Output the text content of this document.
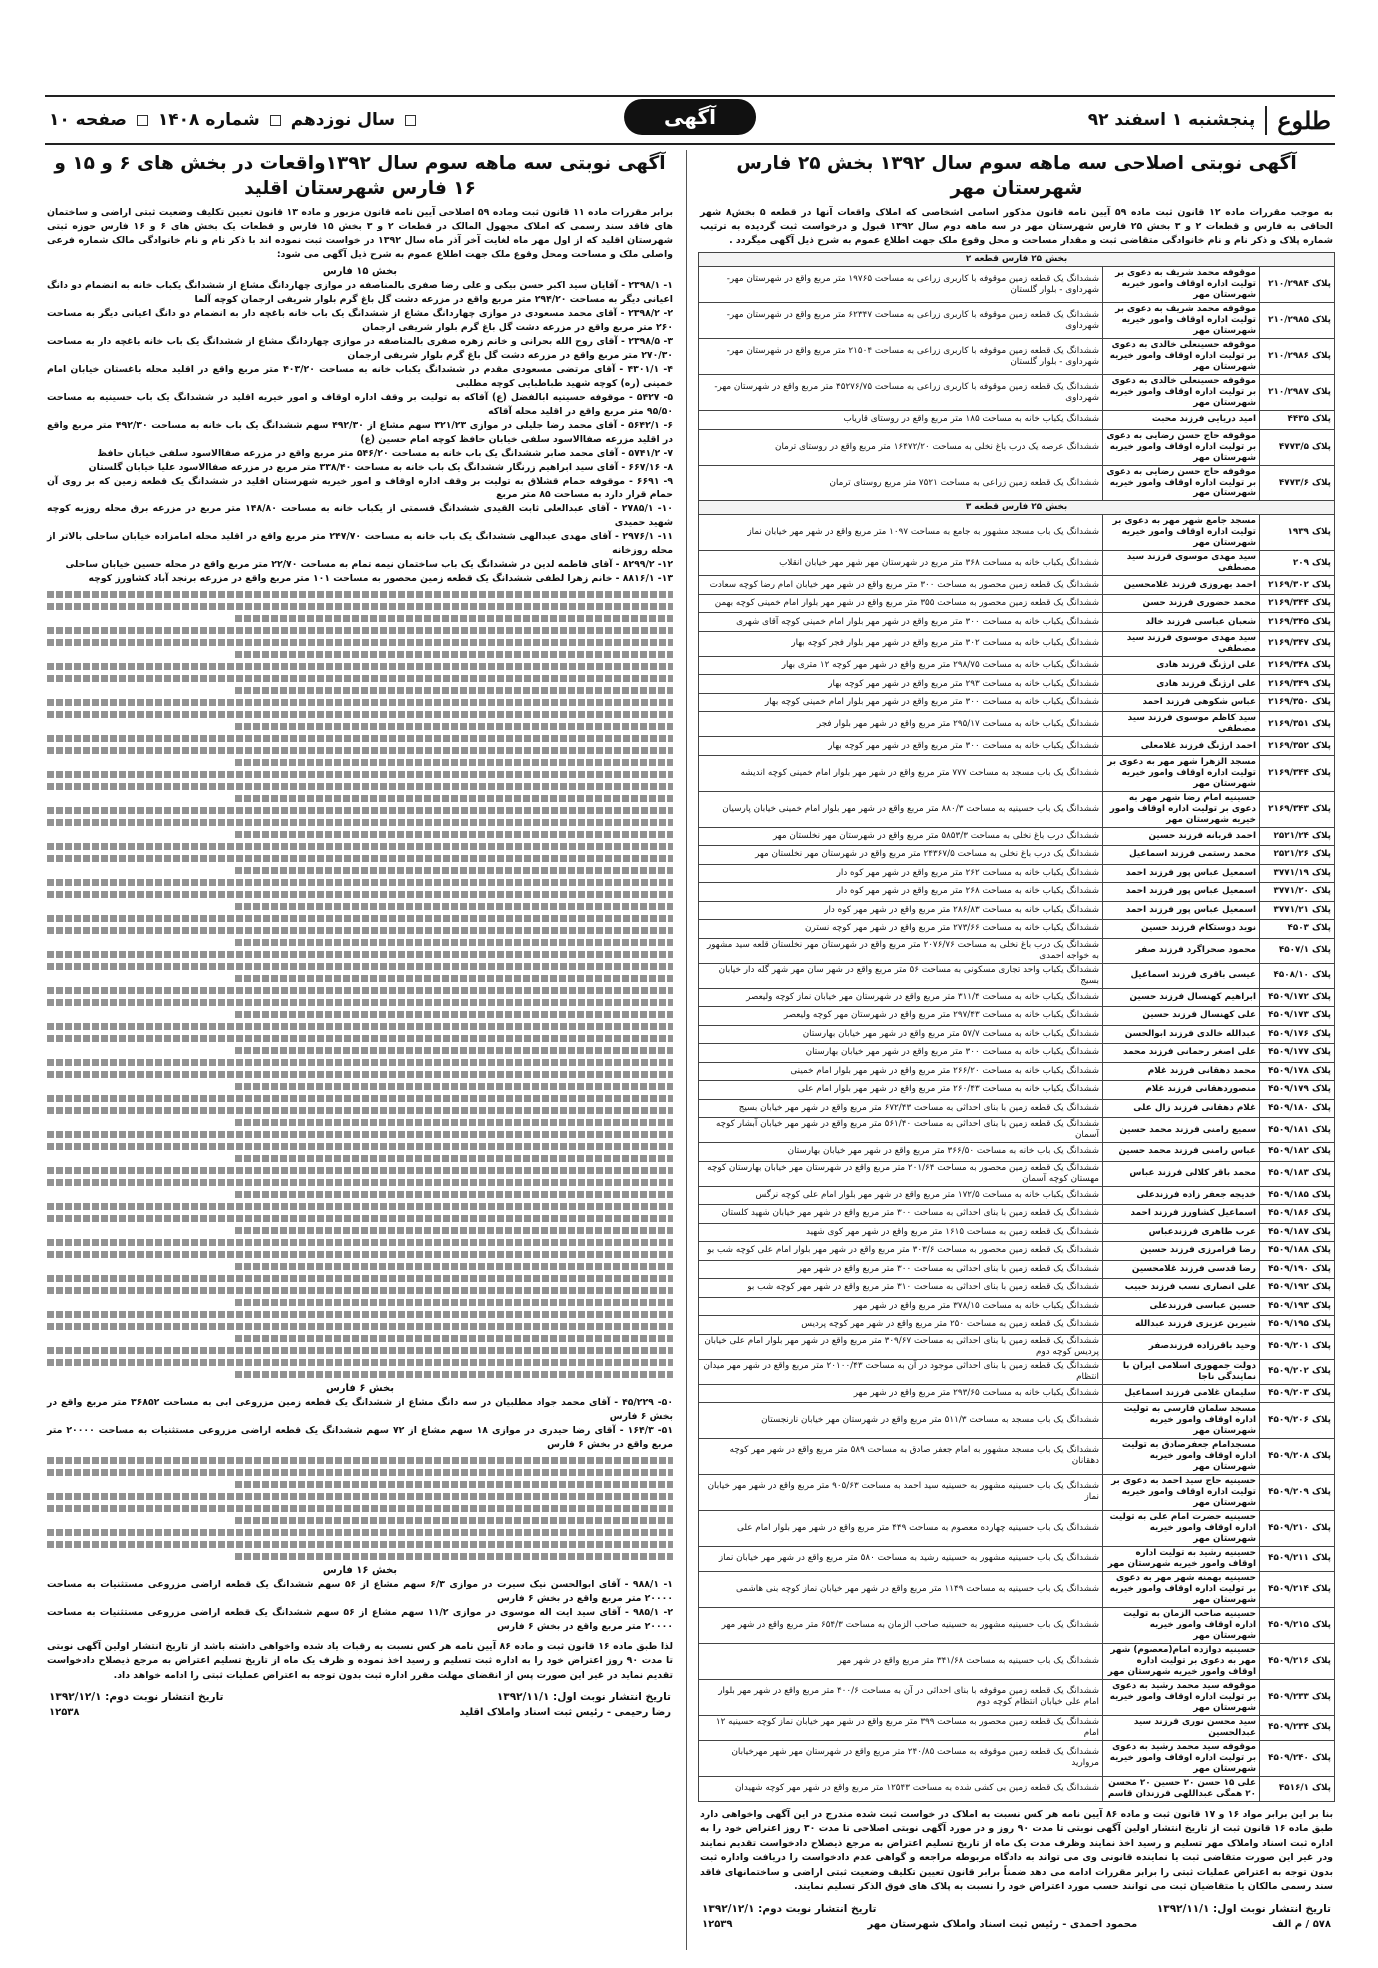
طلوع
پنجشنبه ۱ اسفند ۹۲
آگهی
سال نوزدهم
شماره ۱۴۰۸
صفحه ۱۰
آگهی نوبتی اصلاحی سه ماهه سوم سال ۱۳۹۲ بخش ۲۵ فارس شهرستان مهر
به موجب مقررات ماده ۱۲ قانون ثبت ماده ۵۹ آیین نامه قانون مذکور اسامی اشخاصی که املاک واقعات آنها در قطعه ۵ بخش۸ شهر الحاقی به فارس و قطعات ۲ و ۳ بخش ۲۵ فارس شهرستان مهر در سه ماهه دوم سال ۱۳۹۲ قبول و درخواست ثبت گردیده به ترتیب شماره پلاک و ذکر نام و نام خانوادگی متقاضی ثبت و مقدار مساحت و محل وقوع ملک جهت اطلاع عموم به شرح ذیل آگهی میگردد .
بخش ۲۵ فارس قطعه ۲		
پلاک ۲۱۰/۲۹۸۴	موقوفه محمد شریف به دعوی بر تولیت اداره اوقاف وامور خیریه شهرستان مهر	ششدانگ یک قطعه زمین موقوفه با کاربری زراعی به مساحت ۱۹۷۶۵ متر مربع واقع در شهرستان مهر- شهرداوی - بلوار گلستان
پلاک ۲۱۰/۲۹۸۵	موقوفه محمد شریف به دعوی بر تولیت اداره اوقاف وامور خیریه شهرستان مهر	ششدانگ یک قطعه زمین موقوفه با کاربری زراعی به مساحت ۶۲۳۴۷ متر مربع واقع در شهرستان مهر- شهرداوی
پلاک ۲۱۰/۲۹۸۶	موقوفه حسینعلی خالدی به دعوی بر تولیت اداره اوقاف وامور خیریه شهرستان مهر	ششدانگ یک قطعه زمین موقوفه با کاربری زراعی به مساحت ۲۱۵۰۴ متر مربع واقع در شهرستان مهر- شهرداوی - بلوار گلستان
پلاک ۲۱۰/۲۹۸۷	موقوفه حسینعلی خالدی به دعوی بر تولیت اداره اوقاف وامور خیریه شهرستان مهر	ششدانگ یک قطعه زمین موقوفه با کاربری زراعی به مساحت ۴۵۲۷۶/۷۵ متر مربع واقع در شهرستان مهر- شهرداوی
پلاک ۴۴۳۵	امید دریایی فرزند محبت	ششدانگ یکباب خانه به مساحت ۱۸۵ متر مربع واقع در روستای قاریاب
پلاک ۴۷۷۳/۵	موقوفه حاج حسن رضایی به دعوی بر تولیت اداره اوقاف وامور خیریه شهرستان مهر	ششدانگ عرصه یک درب باغ نخلی به مساحت ۱۶۴۷۲/۲۰ متر مربع واقع در روستای ترمان
پلاک ۴۷۷۳/۶	موقوفه حاج حسن رضایی به دعوی بر تولیت اداره اوقاف وامور خیریه شهرستان مهر	ششدانگ یک قطعه زمین زراعی به مساحت ۷۵۲۱ متر مربع روستای ترمان
بخش ۲۵ فارس قطعه ۳		
پلاک ۱۹۳۹	مسجد جامع شهر مهر به دعوی بر تولیت اداره اوقاف وامور خیریه شهرستان مهر	ششدانگ یک باب مسجد مشهور به جامع به مساحت ۱۰۹۷ متر مربع واقع در شهر مهر خیابان نماز
پلاک ۲۰۹	سید مهدی موسوی فرزند سید مصطفی	ششدانگ یکباب خانه به مساحت ۳۶۸ متر مربع در شهرستان مهر شهر مهر خیابان انقلاب
پلاک ۲۱۶۹/۳۰۲	احمد بهروزی فرزند غلامحسین	ششدانگ یک قطعه زمین محصور به مساحت ۳۰۰ متر مربع واقع در شهر مهر خیابان امام رضا کوچه سعادت
پلاک ۲۱۶۹/۳۴۴	محمد حضوری فرزند حسن	ششدانگ یک قطعه زمین محصور به مساحت ۳۵۵ متر مربع واقع در شهر مهر بلوار امام خمینی کوچه بهمن
پلاک ۲۱۶۹/۳۴۵	شعبان عباسی فرزند خالد	ششدانگ یکباب خانه به مساحت ۳۰۰ متر مربع واقع در شهر مهر بلوار امام خمینی کوچه آقای شهری
پلاک ۲۱۶۹/۳۴۷	سید مهدی موسوی فرزند سید مصطفی	ششدانگ یکباب خانه به مساحت ۳۰۲ متر مربع واقع در شهر مهر بلوار فجر کوچه بهار
پلاک ۲۱۶۹/۳۴۸	علی ارژنگ فرزند هادی	ششدانگ یکباب خانه به مساحت ۲۹۸/۷۵ متر مربع واقع در شهر مهر کوچه ۱۲ متری بهار
پلاک ۲۱۶۹/۳۴۹	علی ارژنگ فرزند هادی	ششدانگ یکباب خانه به مساحت ۲۹۳ متر مربع واقع در شهر مهر کوچه بهار
پلاک ۲۱۶۹/۳۵۰	عباس شکوهی فرزند احمد	ششدانگ یکباب خانه به مساحت ۳۰۰ متر مربع واقع در شهر مهر بلوار امام خمینی کوچه بهار
پلاک ۲۱۶۹/۳۵۱	سید کاظم موسوی فرزند سید مصطفی	ششدانگ یکباب خانه به مساحت ۲۹۵/۱۷ متر مربع واقع در شهر مهر بلوار فجر
پلاک ۲۱۶۹/۳۵۲	احمد ارژنگ فرزند غلامعلی	ششدانگ یکباب خانه به مساحت ۳۰۰ متر مربع واقع در شهر مهر کوچه بهار
پلاک ۲۱۶۹/۳۴۴	مسجد الزهرا شهر مهر به دعوی بر تولیت اداره اوقاف وامور خیریه شهرستان مهر	ششدانگ یک باب مسجد به مساحت ۷۷۷ متر مربع واقع در شهر مهر بلوار امام خمینی کوچه اندیشه
پلاک ۲۱۶۹/۳۴۳	حسینیه امام رضا شهر مهر به دعوی بر تولیت اداره اوقاف وامور خیریه شهرستان مهر	ششدانگ یک باب حسینیه به مساحت ۸۸۰/۳ متر مربع واقع در شهر مهر بلوار امام خمینی خیابان پارسیان
پلاک ۲۵۲۱/۲۴	احمد قربانه فرزند حسین	ششدانگ درب باغ نخلی به مساحت ۵۸۵۳/۳ متر مربع واقع در شهرستان مهر نخلستان مهر
پلاک ۲۵۲۱/۲۶	محمد رستمی فرزند اسماعیل	ششدانگ یک درب باغ نخلی به مساحت ۲۴۳۶۷/۵ متر مربع واقع در شهرستان مهر نخلستان مهر
پلاک ۳۷۷۱/۱۹	اسمعیل عباس پور فرزند احمد	ششدانگ یکباب خانه به مساحت ۲۶۲ متر مربع واقع در شهر مهر کوه دار
پلاک ۳۷۷۱/۲۰	اسمعیل عباس پور فرزند احمد	ششدانگ یکباب خانه به مساحت ۲۶۸ متر مربع واقع در شهر مهر کوه دار
پلاک ۳۷۷۱/۲۱	اسمعیل عباس پور فرزند احمد	ششدانگ یکباب خانه به مساحت ۲۸۶/۸۳ متر مربع واقع در شهر مهر کوه دار
پلاک ۴۵۰۳	نوید دوستکام فرزند حسین	ششدانگ یکباب خانه به مساحت ۲۷۳/۶۶ متر مربع واقع در شهر مهر کوچه نسترن
پلاک ۴۵۰۷/۱	محمود صحراگرد فرزند صفر	ششدانگ یک درب باغ نخلی به مساحت ۲۰۷۶/۷۶ متر مربع واقع در شهرستان مهر نخلستان قلعه سید مشهور به خواجه احمدی
پلاک ۴۵۰۸/۱۰	عیسی باقری فرزند اسماعیل	ششدانگ یکباب واحد تجاری مسکونی به مساحت ۵۶ متر مربع واقع در شهر سان مهر شهر گله دار خیابان بسیج
پلاک ۴۵۰۹/۱۷۲	ابراهیم کهنسال فرزند حسین	ششدانگ یکباب خانه به مساحت ۳۱۱/۴ متر مربع واقع در شهرستان مهر خیابان نماز کوچه ولیعصر
پلاک ۴۵۰۹/۱۷۳	علی کهنسال فرزند حسین	ششدانگ یکباب خانه به مساحت ۲۹۷/۴۳ متر مربع واقع در شهرستان مهر کوچه ولیعصر
پلاک ۴۵۰۹/۱۷۶	عبدالله خالدی فرزند ابوالحسن	ششدانگ یکباب خانه به مساحت ۵۷/۷ متر مربع واقع در شهر مهر خیابان بهارستان
پلاک ۴۵۰۹/۱۷۷	علی اصغر رحمانی فرزند محمد	ششدانگ یکباب خانه به مساحت ۳۰۰ متر مربع واقع در شهر مهر خیابان بهارستان
پلاک ۴۵۰۹/۱۷۸	محمد دهقانی فرزند غلام	ششدانگ یکباب خانه به مساحت ۲۶۶/۲۰ متر مربع واقع در شهر مهر بلوار امام خمینی
پلاک ۴۵۰۹/۱۷۹	منصوردهقانی فرزند غلام	ششدانگ یکباب خانه به مساحت ۲۶۰/۴۳ متر مربع واقع در شهر مهر بلوار امام علی
پلاک ۴۵۰۹/۱۸۰	غلام دهقانی فرزند زال علی	ششدانگ یک قطعه زمین با بنای احداثی به مساحت ۶۷۲/۴۳ متر مربع واقع در شهر مهر خیابان بسیج
پلاک ۴۵۰۹/۱۸۱	سمیع رامنی فرزند محمد حسین	ششدانگ یک قطعه زمین با بنای احداثی به مساحت ۵۶۱/۴۰ متر مربع واقع در شهر مهر خیابان آبشار کوچه آسمان
پلاک ۴۵۰۹/۱۸۲	عباس رامنی فرزند محمد حسین	ششدانگ یک باب خانه به مساحت ۳۶۶/۵۰ متر مربع واقع در شهر مهر خیابان بهارستان
پلاک ۴۵۰۹/۱۸۳	محمد باقر کلالی فرزند عباس	ششدانگ یک قطعه زمین محصور به مساحت ۲۰۱/۶۴ متر مربع واقع در شهرستان مهر خیابان بهارستان کوچه مهستان کوچه آسمان
پلاک ۴۵۰۹/۱۸۵	خدیجه جعفر زاده فرزندعلی	ششدانگ یکباب خانه به مساحت ۱۷۲/۵ متر مربع واقع در شهر مهر بلوار امام علی کوچه نرگس
پلاک ۴۵۰۹/۱۸۶	اسماعیل کشاورز فرزند احمد	ششدانگ یک قطعه زمین با بنای احداثی به مساحت ۳۰۰ متر مربع واقع در شهر مهر خیابان شهید کلستان
پلاک ۴۵۰۹/۱۸۷	عرب طاهری فرزندعباس	ششدانگ یک قطعه زمین به مساحت ۱۶۱۵ متر مربع واقع در شهر مهر کوی شهید
پلاک ۴۵۰۹/۱۸۸	رضا فرامرزی فرزند حسین	ششدانگ یک قطعه زمین محصور به مساحت ۳۰۳/۶ متر مربع واقع در شهر مهر بلوار امام علی کوچه شب بو
پلاک ۴۵۰۹/۱۹۰	رضا قدسی فرزند غلامحسین	ششدانگ یک قطعه زمین با بنای احداثی به مساحت ۳۰۰ متر مربع واقع در شهر مهر
پلاک ۴۵۰۹/۱۹۲	علی انصاری نسب فرزند حبیب	ششدانگ یک قطعه زمین با بنای احداثی به مساحت ۳۱۰ متر مربع واقع در شهر مهر کوچه شب بو
پلاک ۴۵۰۹/۱۹۳	حسین عباسی فرزندعلی	ششدانگ یکباب خانه به مساحت ۳۷۸/۱۵ متر مربع واقع در شهر مهر
پلاک ۴۵۰۹/۱۹۵	شیرین عزیزی فرزند عبدالله	ششدانگ یک قطعه زمین به مساحت ۲۵۰ متر مربع واقع در شهر مهر کوچه پردیس
پلاک ۴۵۰۹/۲۰۱	وحید باقرزاده فرزندصفر	ششدانگ یک قطعه زمین با بنای احداثی به مساحت ۳۰۹/۶۷ متر مربع واقع در شهر مهر بلوار امام علی خیابان پردیس کوچه دوم
پلاک ۴۵۰۹/۲۰۲	دولت جمهوری اسلامی ایران با نمایندگی ناجا	ششدانگ یک قطعه زمین با بنای احداثی موجود در آن به مساحت ۲۰۱۰۰/۴۳ متر مربع واقع در شهر مهر میدان انتظام
پلاک ۴۵۰۹/۲۰۳	سلیمان غلامی فرزند اسماعیل	ششدانگ یکباب خانه به مساحت ۲۹۳/۶۵ متر مربع واقع در شهر مهر
پلاک ۴۵۰۹/۲۰۶	مسجد سلمان فارسی به تولیت اداره اوقاف وامور خیریه شهرستان مهر	ششدانگ یک باب مسجد به مساحت ۵۱۱/۳ متر مربع واقع در شهرستان مهر خیابان نارنجستان
پلاک ۴۵۰۹/۲۰۸	مسجدامام جعفرصادق به تولیت اداره اوقاف وامور خیریه شهرستان مهر	ششدانگ یک باب مسجد مشهور به امام جعفر صادق به مساحت ۵۸۹ متر مربع واقع در شهر مهر کوچه دهقانان
پلاک ۴۵۰۹/۲۰۹	حسینیه حاج سید احمد به دعوی بر تولیت اداره اوقاف وامور خیریه شهرستان مهر	ششدانگ یک باب حسینیه مشهور به حسینیه سید احمد به مساحت ۹۰۵/۶۳ متر مربع واقع در شهر مهر خیابان نماز
پلاک ۴۵۰۹/۲۱۰	حسینیه حضرت امام علی به تولیت اداره اوقاف وامور خیریه شهرستان مهر	ششدانگ یک باب حسینیه چهارده معصوم به مساحت ۴۴۹ متر مربع واقع در شهر مهر بلوار امام علی
پلاک ۴۵۰۹/۲۱۱	حسینیه رشید به تولیت اداره اوقاف وامور خیریه شهرستان مهر	ششدانگ یک باب حسینیه مشهور به حسینیه رشید به مساحت ۵۸۰ متر مربع واقع در شهر مهر خیابان نماز
پلاک ۴۵۰۹/۲۱۴	حسینیه بهمنه شهر مهر به دعوی بر تولیت اداره اوقاف وامور خیریه شهرستان مهر	ششدانگ یک باب حسینیه به مساحت ۱۱۴۹ متر مربع واقع در شهر مهر خیابان نماز کوچه بنی هاشمی
پلاک ۴۵۰۹/۲۱۵	حسینیه صاحب الزمان به تولیت اداره اوقاف وامور خیریه شهرستان مهر	ششدانگ یک باب حسینیه مشهور به حسینیه صاحب الزمان به مساحت ۶۵۴/۳ متر مربع واقع در شهر مهر
پلاک ۴۵۰۹/۲۱۶	حسینیه دوازده امام(معصوم) شهر مهر به دعوی بر تولیت اداره اوقاف وامور خیریه شهرستان مهر	ششدانگ یک باب حسینیه به مساحت ۳۴۱/۶۸ متر مربع واقع در شهر مهر
پلاک ۴۵۰۹/۲۳۳	موقوفه سید محمد رشید به دعوی بر تولیت اداره اوقاف وامور خیریه شهرستان مهر	ششدانگ یک قطعه زمین موقوفه با بنای احداثی در آن به مساحت ۴۰۰/۶ متر مربع واقع در شهر مهر بلوار امام علی خیابان انتظام کوچه دوم
پلاک ۴۵۰۹/۲۳۴	سید محسن نوری فرزند سید عبدالحسین	ششدانگ یک قطعه زمین محصور به مساحت ۳۹۹ متر مربع واقع در شهر مهر خیابان نماز کوچه حسینیه ۱۲ امام
پلاک ۴۵۰۹/۲۴۰	موقوفه سید محمد رشید به دعوی بر تولیت اداره اوقاف وامور خیریه شهرستان مهر	ششدانگ یک قطعه زمین موقوفه به مساحت ۲۴۰/۸۵ متر مربع واقع در شهرستان مهر شهر مهرخیابان مروارید
پلاک ۴۵۱۶/۱	علی ۱۵ حسن ۲۰ حسین ۲۰ محسن ۲۰ همگی عبداللهی فرزندان قاسم	ششدانگ یک قطعه زمین بی کشی شده به مساحت ۱۲۵۴۳ متر مربع واقع در شهر مهر کوچه شهیدان
بنا بر این برابر مواد ۱۶ و ۱۷ قانون ثبت و ماده ۸۶ آیین نامه هر کس نسبت به املاک در خواست ثبت شده مندرج در این آگهی واخواهی دارد طبق ماده ۱۶ قانون ثبت از تاریخ انتشار اولین آگهی نوبتی تا مدت ۹۰ روز و در مورد آگهی نوبتی اصلاحی تا مدت ۳۰ روز اعتراض خود را به اداره ثبت اسناد واملاک مهر تسلیم و رسید اخذ نمایند وظرف مدت یک ماه از تاریخ تسلیم اعتراض به مرجع ذیصلاح دادخواست تقدیم نمایند ودر غیر این صورت متقاضی ثبت یا نماینده قانونی وی می تواند به دادگاه مربوطه مراجعه و گواهی عدم دادخواست را دریافت واداره ثبت بدون توجه به اعتراض عملیات ثبتی را برابر مقررات ادامه می دهد ضمناً برابر قانون تعیین تکلیف وضعیت ثبتی اراضی و ساختمانهای فاقد سند رسمی مالکان یا متقاضیان ثبت می توانند حسب مورد اعتراض خود را نسبت به پلاک های فوق الذکر تسلیم نمایند.
تاریخ انتشار نوبت اول: ۱۳۹۲/۱۱/۱
تاریخ انتشار نوبت دوم: ۱۳۹۲/۱۲/۱
۵۷۸ / م الف
محمود احمدی - رئیس ثبت اسناد واملاک شهرستان مهر
۱۲۵۳۹
آگهی نوبتی سه ماهه سوم سال ۱۳۹۲واقعات در بخش های ۶ و ۱۵ و ۱۶ فارس شهرستان اقلید
برابر مقررات ماده ۱۱ قانون ثبت وماده ۵۹ اصلاحی آیین نامه قانون مزبور و ماده ۱۳ قانون تعیین تکلیف وضعیت ثبتی اراضی و ساختمان های فاقد سند رسمی که املاک مجهول المالک در قطعات ۲ و ۳ بخش ۱۵ فارس و قطعات یک بخش های ۶ و ۱۶ فارس حوزه ثبتی شهرستان اقلید که از اول مهر ماه لغایت آخر آذر ماه سال ۱۳۹۲ در خواست ثبت نموده اند با ذکر نام و نام خانوادگی مالک شماره فرعی واصلی ملک و مساحت ومحل وقوع ملک جهت اطلاع عموم به شرح ذیل آگهی می شود:
بخش ۱۵ فارس
۱- ۲۳۹۸/۱ - آقایان سید اکبر حسن بیکی و علی رضا صفری بالمناصفه در موازی چهاردانگ مشاع از ششدانگ یکباب خانه به انضمام دو دانگ اعیانی دیگر به مساحت ۲۹۴/۲۰ متر مربع واقع در مزرعه دشت گل باغ گرم بلوار شریفی ارجمان کوچه آلما
۲- ۲۳۹۸/۲ - آقای محمد مسعودی در موازی چهاردانگ مشاع از ششدانگ یک باب خانه باغچه دار به انضمام دو دانگ اعیانی دیگر به مساحت ۲۶۰ متر مربع واقع در مزرعه دشت گل باغ گرم بلوار شریفی ارجمان
۳- ۲۳۹۸/۵ - آقای روح الله بحرانی و خانم زهره صفری بالمناصفه در موازی چهاردانگ مشاع از ششدانگ یک باب خانه باغچه دار به مساحت ۲۷۰/۳۰ متر مربع واقع در مزرعه دشت گل باغ گرم بلوار شریفی ارجمان
۴- ۴۳۰۱/۱ - آقای مرتضی مسعودی مقدم در ششدانگ یکباب خانه به مساحت ۴۰۳/۲۰ متر مربع واقع در اقلید محله باغستان خیابان امام خمینی (ره) کوچه شهید طباطبایی کوچه مطلبی
۵- ۵۴۲۷ - موقوفه حسینیه ابالفضل (ع) آقاکه به تولیت بر وقف اداره اوقاف و امور خیریه اقلید در ششدانگ یک باب حسینیه به مساحت ۹۵/۵۰ متر مربع واقع در اقلید محله آقاکه
۶- ۵۶۴۲/۱ - آقای محمد رضا جلیلی در موازی ۳۲۱/۲۳ سهم مشاع از ۴۹۲/۳۰ سهم ششدانگ یک باب خانه به مساحت ۴۹۲/۳۰ متر مربع واقع در اقلید مزرعه صفاالاسود سلفی خیابان حافظ کوچه امام حسین (ع)
۷- ۵۷۴۱/۲ - آقای محمد صابر ششدانگ یک باب خانه به مساحت ۵۴۶/۲۰ متر مربع واقع در مزرعه صفاالاسود سلفی خیابان حافظ
۸- ۶۶۷/۱۶ - آقای سید ابراهیم زرنگار ششدانگ یک باب خانه به مساحت ۳۳۸/۴۰ متر مربع در مزرعه صفاالاسود علیا خیابان گلستان
۹- ۶۶۹۱ - موقوفه حمام قشلاق به تولیت بر وقف اداره اوقاف و امور خیریه شهرستان اقلید در ششدانگ یک قطعه زمین که بر روی آن حمام قرار دارد به مساحت ۸۵ متر مربع
۱۰- ۲۷۸۵/۱ - آقای عبدالعلی ثابت القیدی ششدانگ قسمتی از یکباب خانه به مساحت ۱۴۸/۸۰ متر مربع در مزرعه برق محله روزبه کوچه شهید حمیدی
۱۱- ۲۹۷۶/۱ - آقای مهدی عبدالهی ششدانگ یک باب خانه به مساحت ۲۴۷/۷۰ متر مربع واقع در اقلید محله امامزاده خیابان ساحلی بالاتر از محله روزخانه
۱۲- ۸۲۹۹/۲ - آقای فاطمه لدین در ششدانگ یک باب ساختمان نیمه تمام به مساحت ۲۲/۷۰ متر مربع واقع در محله حسین خیابان ساحلی
۱۳- ۸۸۱۶/۱ - خانم زهرا لطفی ششدانگ یک قطعه زمین محصور به مساحت ۱۰۱ متر مربع واقع در مزرعه برنجد آباد کشاورز کوچه
بخش ۶ فارس
۵۰- ۴۵/۲۲۹ - آقای محمد جواد مطلبیان در سه دانگ مشاع از ششدانگ یک قطعه زمین مزروعی ابی به مساحت ۳۶۸۵۲ متر مربع واقع در بخش ۶ فارس
۵۱- ۱۶۴/۳ - آقای رضا حیدری در موازی ۱۸ سهم مشاع از ۷۲ سهم ششدانگ یک قطعه اراضی مزروعی مستثنیات به مساحت ۲۰۰۰۰ متر مربع واقع در بخش ۶ فارس
بخش ۱۶ فارس
۱- ۹۸۸/۱ - آقای ابوالحسن نیک سیرت در موازی ۶/۳ سهم مشاع از ۵۶ سهم ششدانگ یک قطعه اراضی مزروعی مستثنیات به مساحت ۲۰۰۰۰ متر مربع واقع در بخش ۶ فارس
۲- ۹۸۵/۱ - آقای سید ایت اله موسوی در موازی ۱۱/۲ سهم مشاع از ۵۶ سهم ششدانگ یک قطعه اراضی مزروعی مستثنیات به مساحت ۲۰۰۰۰ متر مربع واقع در بخش ۶ فارس
لذا طبق ماده ۱۶ قانون ثبت و ماده ۸۶ آیین نامه هر کس نسبت به رقبات یاد شده واخواهی داشته باشد از تاریخ انتشار اولین آگهی نوبتی تا مدت ۹۰ روز اعتراض خود را به اداره ثبت تسلیم و رسید اخذ نموده و ظرف یک ماه از تاریخ تسلیم اعتراض به مرجع ذیصلاح دادخواست تقدیم نماید در غیر این صورت پس از انقضای مهلت مقرر اداره ثبت بدون توجه به اعتراض عملیات ثبتی را ادامه خواهد داد.
تاریخ انتشار نوبت اول: ۱۳۹۲/۱۱/۱
تاریخ انتشار نوبت دوم: ۱۳۹۲/۱۲/۱
رضا رحیمی - رئیس ثبت اسناد واملاک اقلید
۱۲۵۳۸
